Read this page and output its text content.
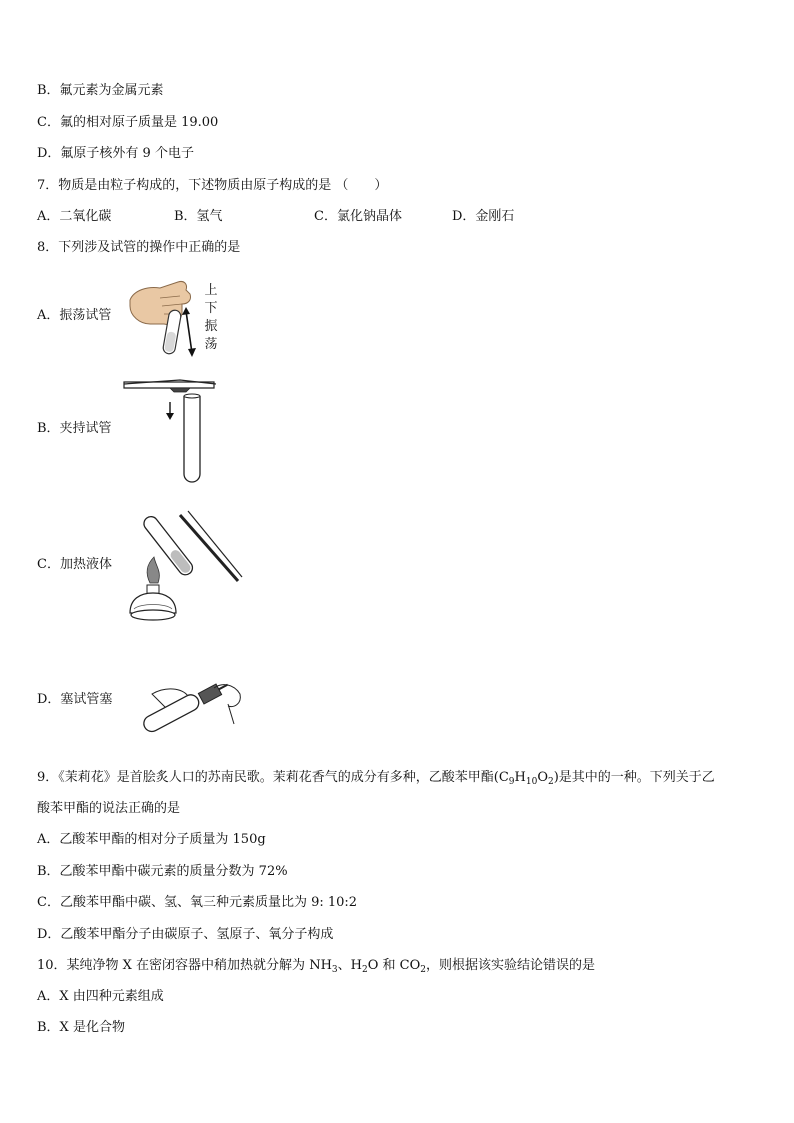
B．氟元素为金属元素
C．氟的相对原子质量是 19.00
D．氟原子核外有 9 个电子
7．物质是由粒子构成的，下述物质由原子构成的是 （　　）
A．二氧化碳	B．氢气	C．氯化钠晶体	D．金刚石
8．下列涉及试管的操作中正确的是
A．振荡试管
上
下
振
荡
B．夹持试管
C．加热液体
D．塞试管塞
9．《茉莉花》是首脍炙人口的苏南民歌。茉莉花香气的成分有多种，乙酸苯甲酯$(C_9H_{10}O_2)$是其中的一种。下列关于乙
酸苯甲酯的说法正确的是
A．乙酸苯甲酯的相对分子质量为 150g
B．乙酸苯甲酯中碳元素的质量分数为 72%
C．乙酸苯甲酯中碳、氢、氧三种元素质量比为 9: 10:2
D．乙酸苯甲酯分子由碳原子、氢原子、氧分子构成
10．某纯净物 X 在密闭容器中稍加热就分解为 $NH_3$、$H_2O$ 和 $CO_2$，则根据该实验结论错误的是
A．X 由四种元素组成
B．X 是化合物
